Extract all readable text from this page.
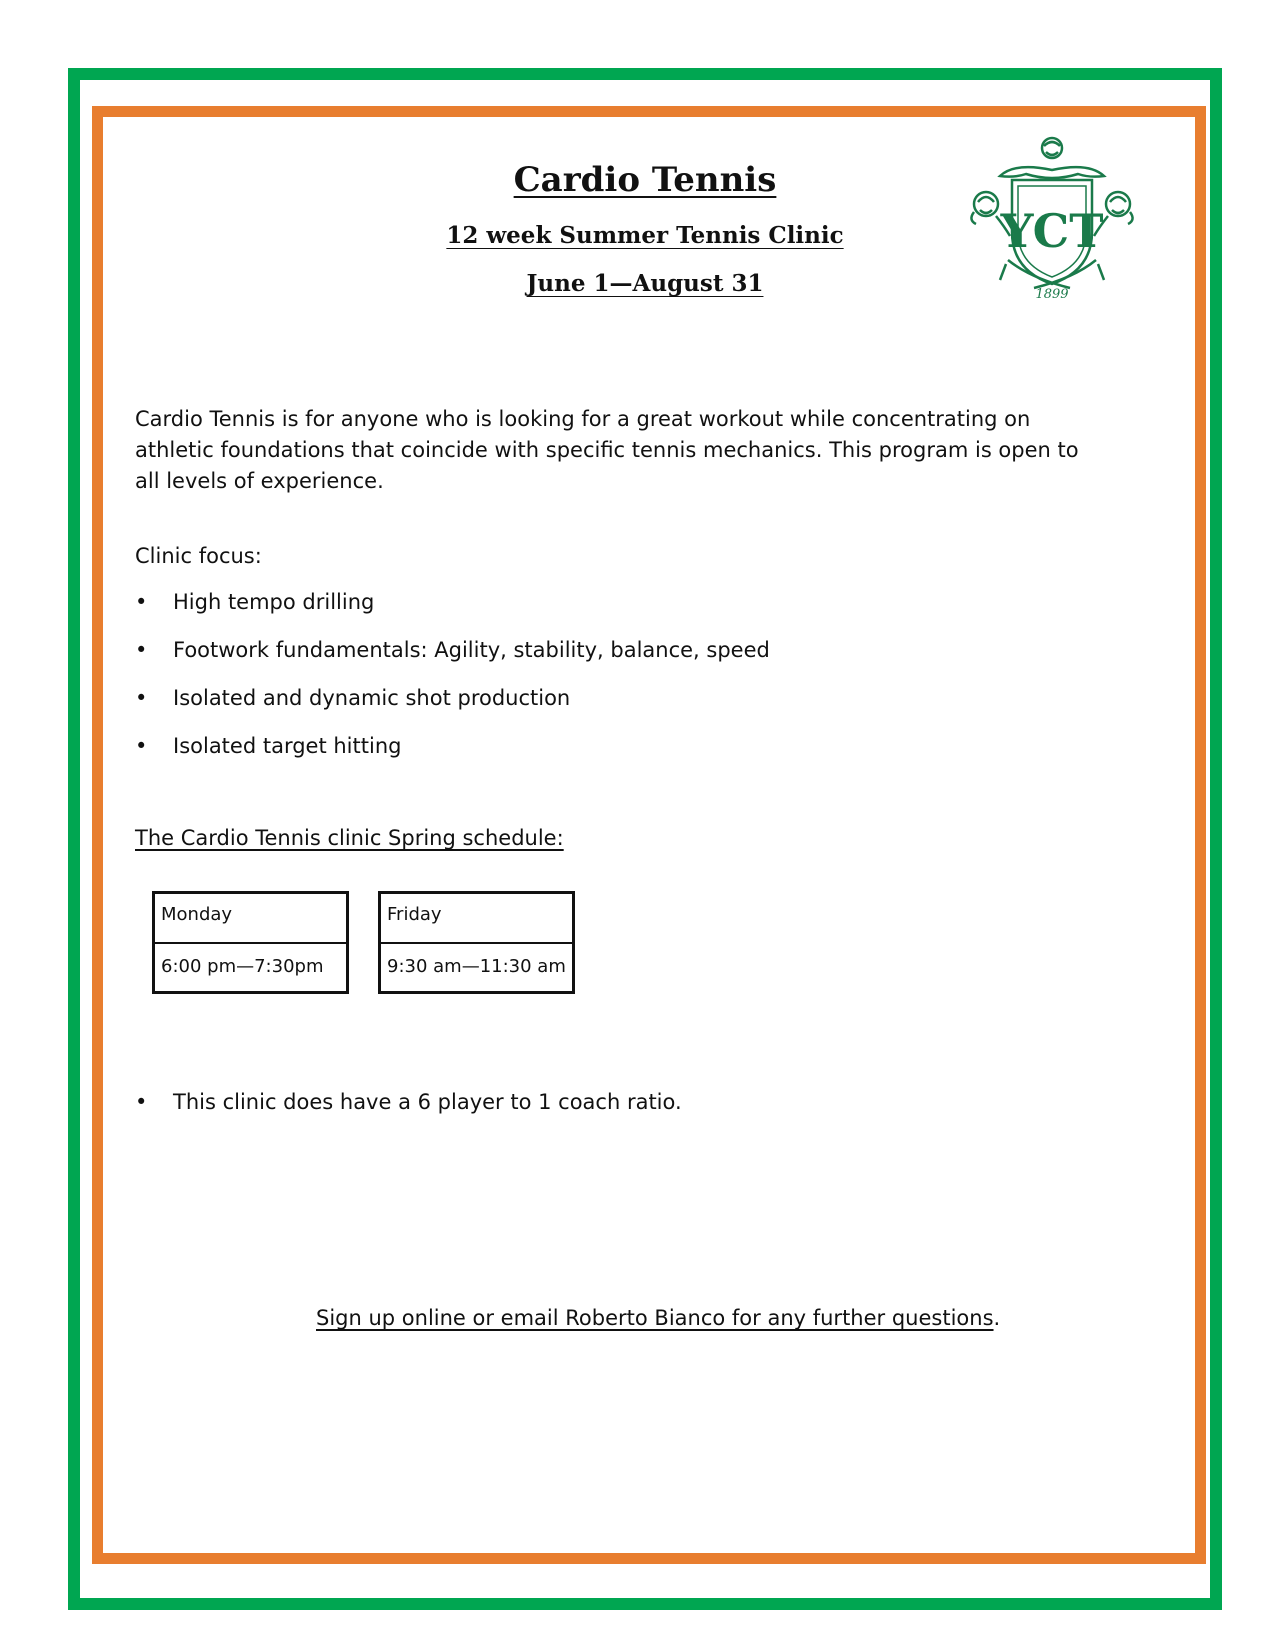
Cardio Tennis
12 week Summer Tennis Clinic
June 1—August 31
YCT
1899
Cardio Tennis is for anyone who is looking for a great workout while concentrating on athletic foundations that coincide with specific tennis mechanics. This program is open to all levels of experience.
Clinic focus:
• High tempo drilling
• Footwork fundamentals: Agility, stability, balance, speed
• Isolated and dynamic shot production
• Isolated target hitting
The Cardio Tennis clinic Spring schedule:
Monday
6:00 pm—7:30pm
Friday
9:30 am—11:30 am
• This clinic does have a 6 player to 1 coach ratio.
Sign up online or email Roberto Bianco for any further questions.
